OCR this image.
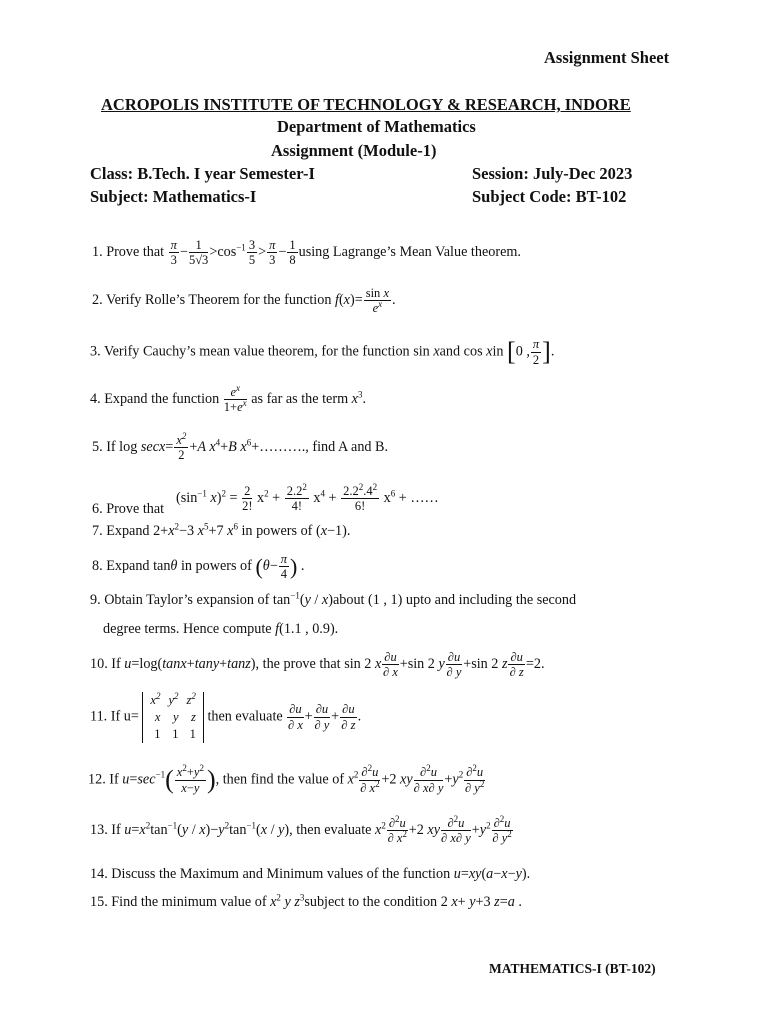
Assignment Sheet
ACROPOLIS INSTITUTE OF TECHNOLOGY & RESEARCH, INDORE
Department of Mathematics
Assignment (Module-1)
Class: B.Tech. I year Semester-I	Session: July-Dec 2023
Subject: Mathematics-I	Subject Code: BT-102
1. Prove that $\frac{\pi}{3} - \frac{1}{5√3} >\cos^{-1} \frac{3}{5} > \frac{\pi}{3} - \frac{1}{8}$ using Lagrange’s Mean Value theorem.
2. Verify Rolle’s Theorem for the function $f(x)= \frac{\text{sin x}}{e^x}$ .
3. Verify Cauchy’s mean value theorem, for the function sin xand cos xin [0 , $\frac{\pi}{2}$ ].
4. Expand the function $\frac{e^x}{1+e^x}$ as far as the term $x^3$.
5. If $\log \sec x= \frac{x^2}{2} +A$ $x^4+B$ $x^6+\dots\dots\dots$., find A and B.
6. Prove that
($\sin^{-1}$ $x)^2 = \frac{2}{2!} x^2 + \frac{2.2^2}{4!} x^4 + \frac{2.2^2.4^2}{6!} x^6$ + ……
7. Expand $2+x^2-3$ $x^5+7$ $x^6$ in powers of (x−1).
8. Expand tanθ in powers of ($\theta- \frac{\pi}{4}$ ) .
9. Obtain Taylor’s expansion of $\tan^{-1}(y$ / x)about (1 , 1) upto and including the second
degree terms. Hence compute f(1.1 , 0.9).
10. If u=log(tanx+tany+tanz), the prove that sin 2 x $\frac{\partial u}{\partial x} +\sin$ 2 y $\frac{\partial u}{\partial y} +\sin$ 2 z $\frac{\partial u}{\partial z} =2$.
11. If u=
$x^2$	$y^2$	$z^2$
x	y	z
1	1	1
then evaluate $\frac{\partial u}{\partial x} + \frac{\partial u}{\partial y} + \frac{\partial u}{\partial z}$ .
12. If $u=\sec^{-1}( \frac{x^2+y^2}{x-y}$ ), then find the value of $x^2 \frac{\partial^2u}{\partial x^2} +2$ xy $\frac{\partial^2u}{\partial x\partial y} +y^2 \frac{\partial^2u}{\partial y^2}$
13. If $u=x^2\tan^{-1}(y / x)-y^2\tan^{-1}(x / y)$, then evaluate $x^2 \frac{\partial^2u}{\partial x^2} +2$ xy $\frac{\partial^2u}{\partial x\partial y} +y^2 \frac{\partial^2u}{\partial y^2}$
14. Discuss the Maximum and Minimum values of the function u=xy(a−x−y).
15. Find the minimum value of $x^2$ y $z^3subject$ to the condition 2 x+ y+3 z=a .
MATHEMATICS-I (BT-102)
